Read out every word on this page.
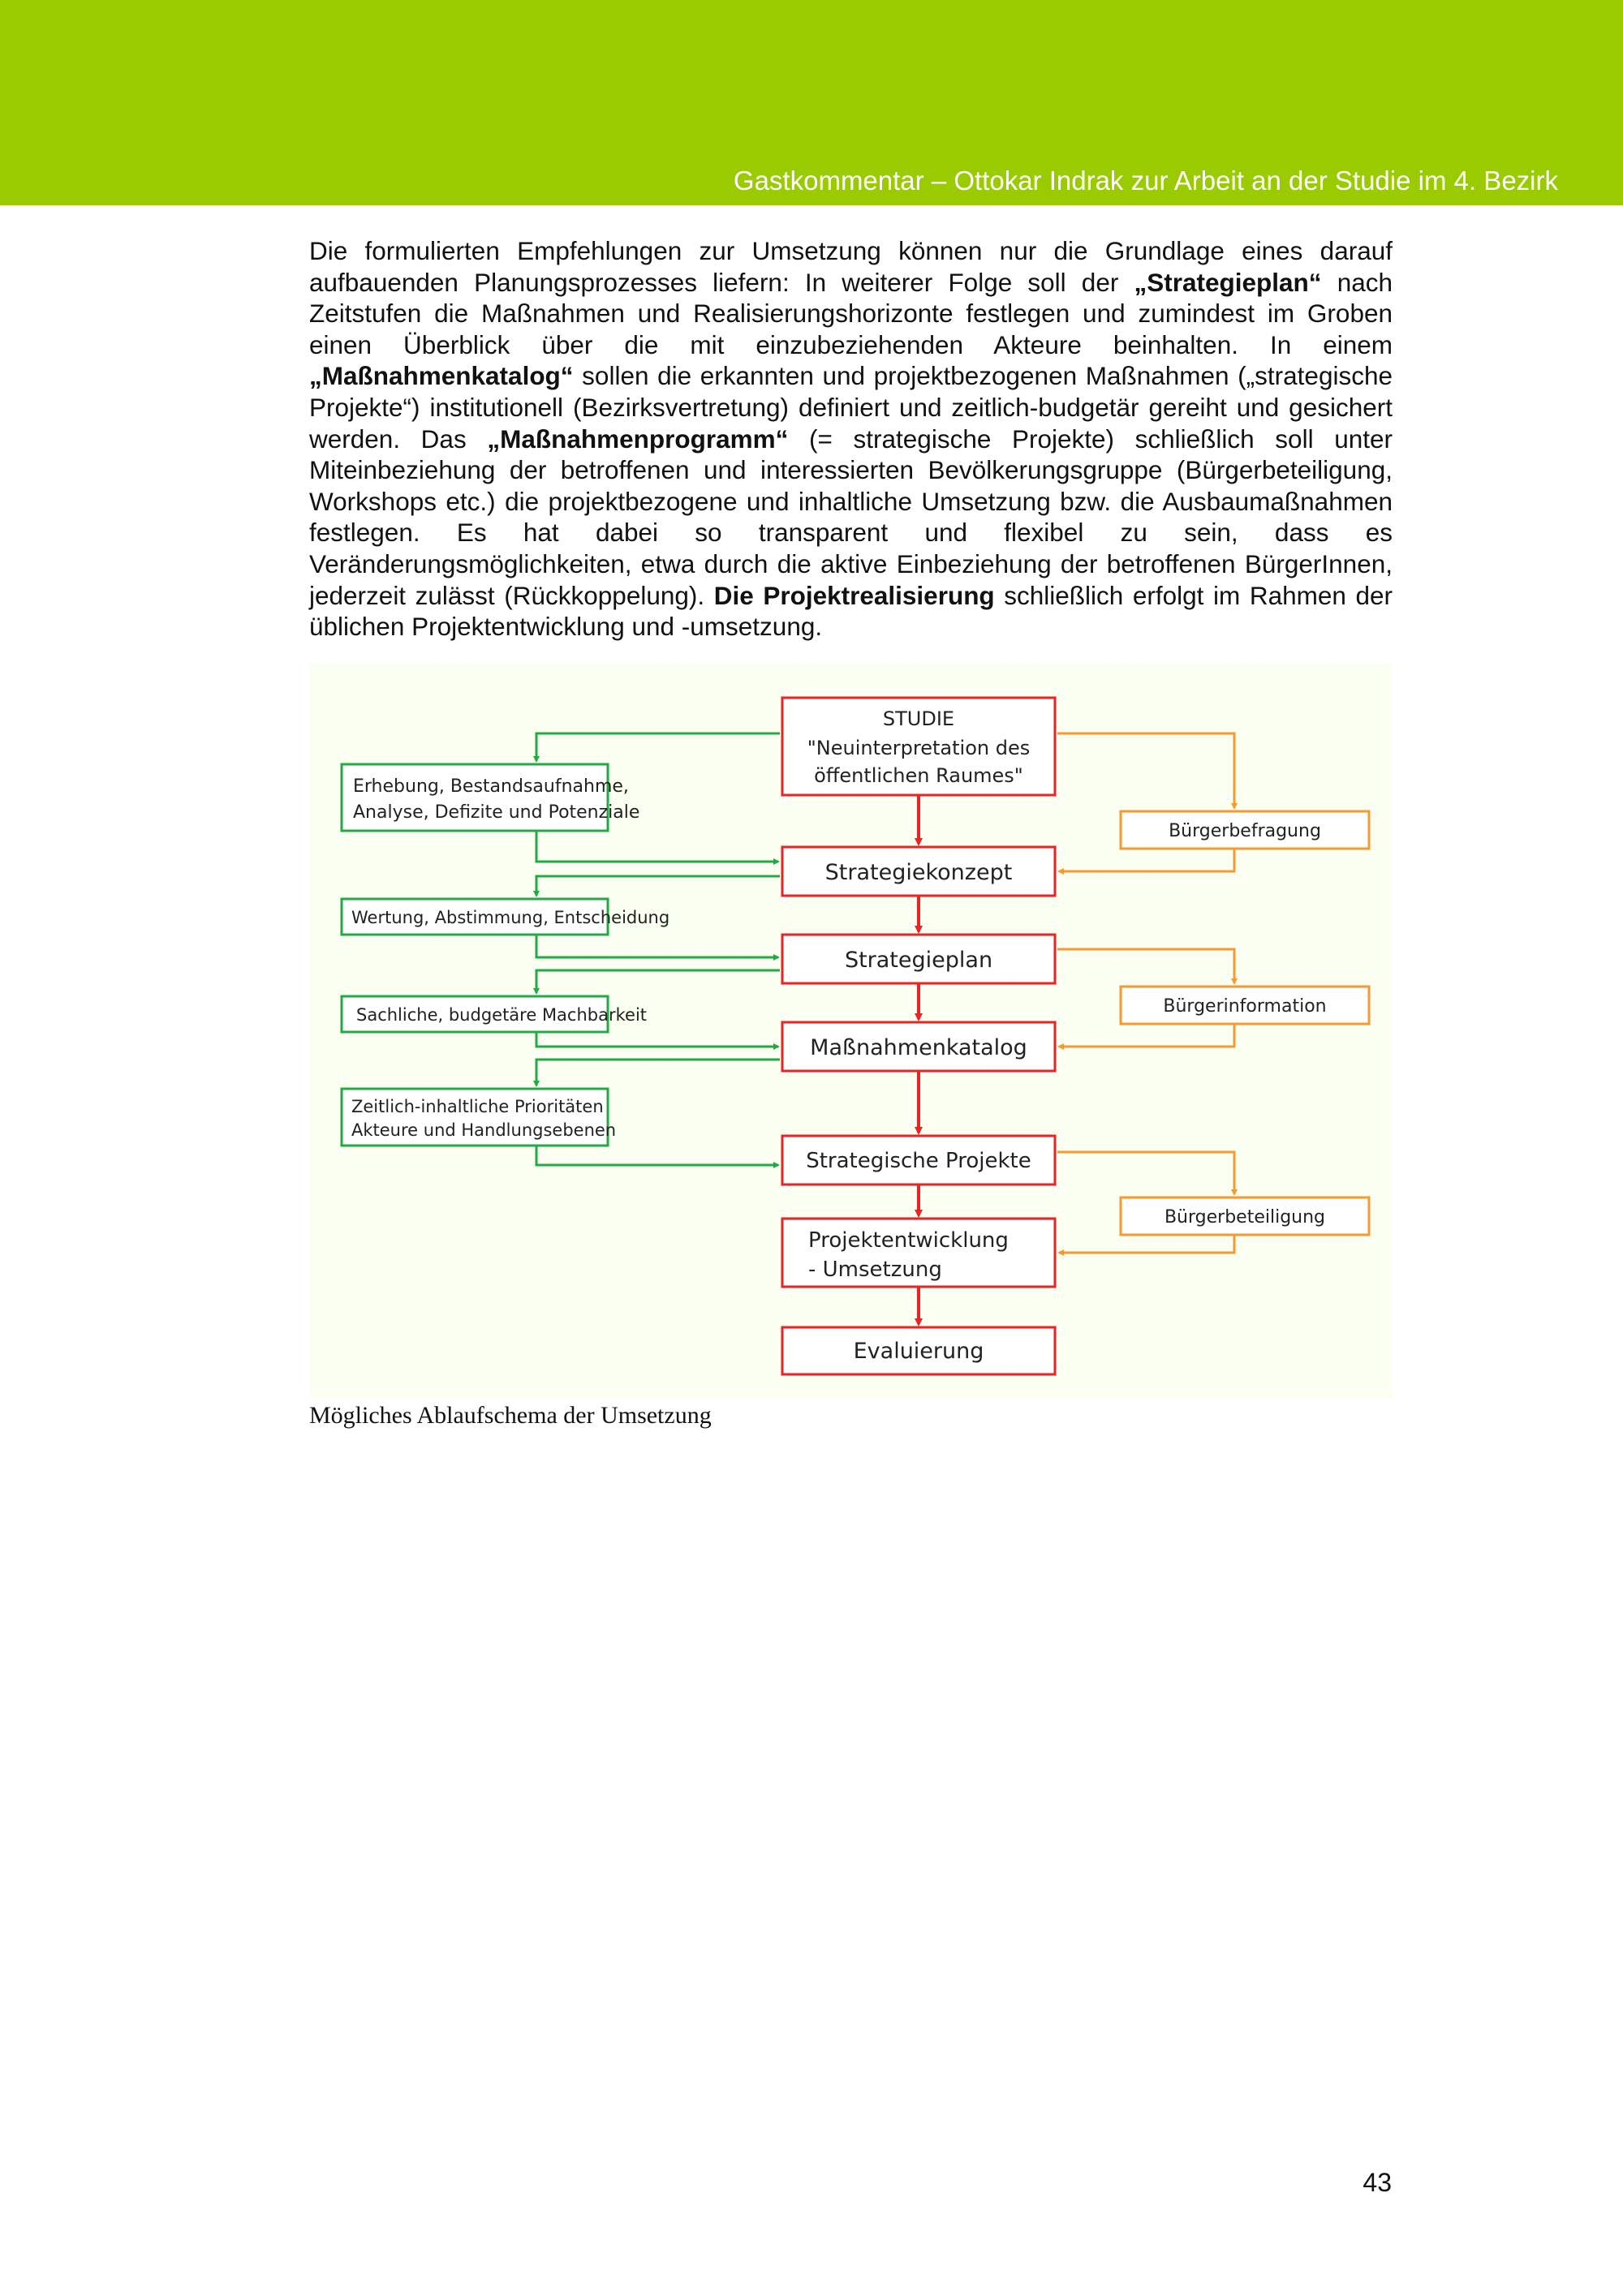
Gastkommentar – Ottokar Indrak zur Arbeit an der Studie im 4. Bezirk

Die formulierten Empfehlungen zur Umsetzung können nur die Grundlage eines darauf aufbauenden Planungsprozesses liefern: In weiterer Folge soll der „Strategieplan“ nach Zeitstufen die Maßnahmen und Realisierungshorizonte festlegen und zumindest im Groben einen Überblick über die mit einzubeziehenden Akteure beinhalten. In einem „Maßnahmenkatalog“ sollen die erkannten und projektbezogenen Maßnahmen („strategische Projekte“) institutionell (Bezirksvertretung) definiert und zeitlich-budgetär gereiht und gesichert werden. Das „Maßnahmenprogramm“ (= strategische Projekte) schließlich soll unter Miteinbeziehung der betroffenen und interessierten Bevölkerungsgruppe (Bürgerbeteiligung, Workshops etc.) die projektbezogene und inhaltliche Umsetzung bzw. die Ausbaumaßnahmen festlegen. Es hat dabei so transparent und flexibel zu sein, dass es Veränderungsmöglichkeiten, etwa durch die aktive Einbeziehung der betroffenen BürgerInnen, jederzeit zulässt (Rückkoppelung). Die Projektrealisierung schließlich erfolgt im Rahmen der üblichen Projektentwicklung und -umsetzung.

Erhebung, Bestandsaufnahme,
Analyse, Defizite und Potenziale
Wertung, Abstimmung, Entscheidung
Sachliche, budgetäre Machbarkeit
Zeitlich-inhaltliche Prioritäten
Akteure und Handlungsebenen
STUDIE
"Neuinterpretation des
öffentlichen Raumes"
Strategiekonzept
Strategieplan
Maßnahmenkatalog
Strategische Projekte
Projektentwicklung
- Umsetzung
Evaluierung
Bürgerbefragung
Bürgerinformation
Bürgerbeteiligung
Mögliches Ablaufschema der Umsetzung
43
